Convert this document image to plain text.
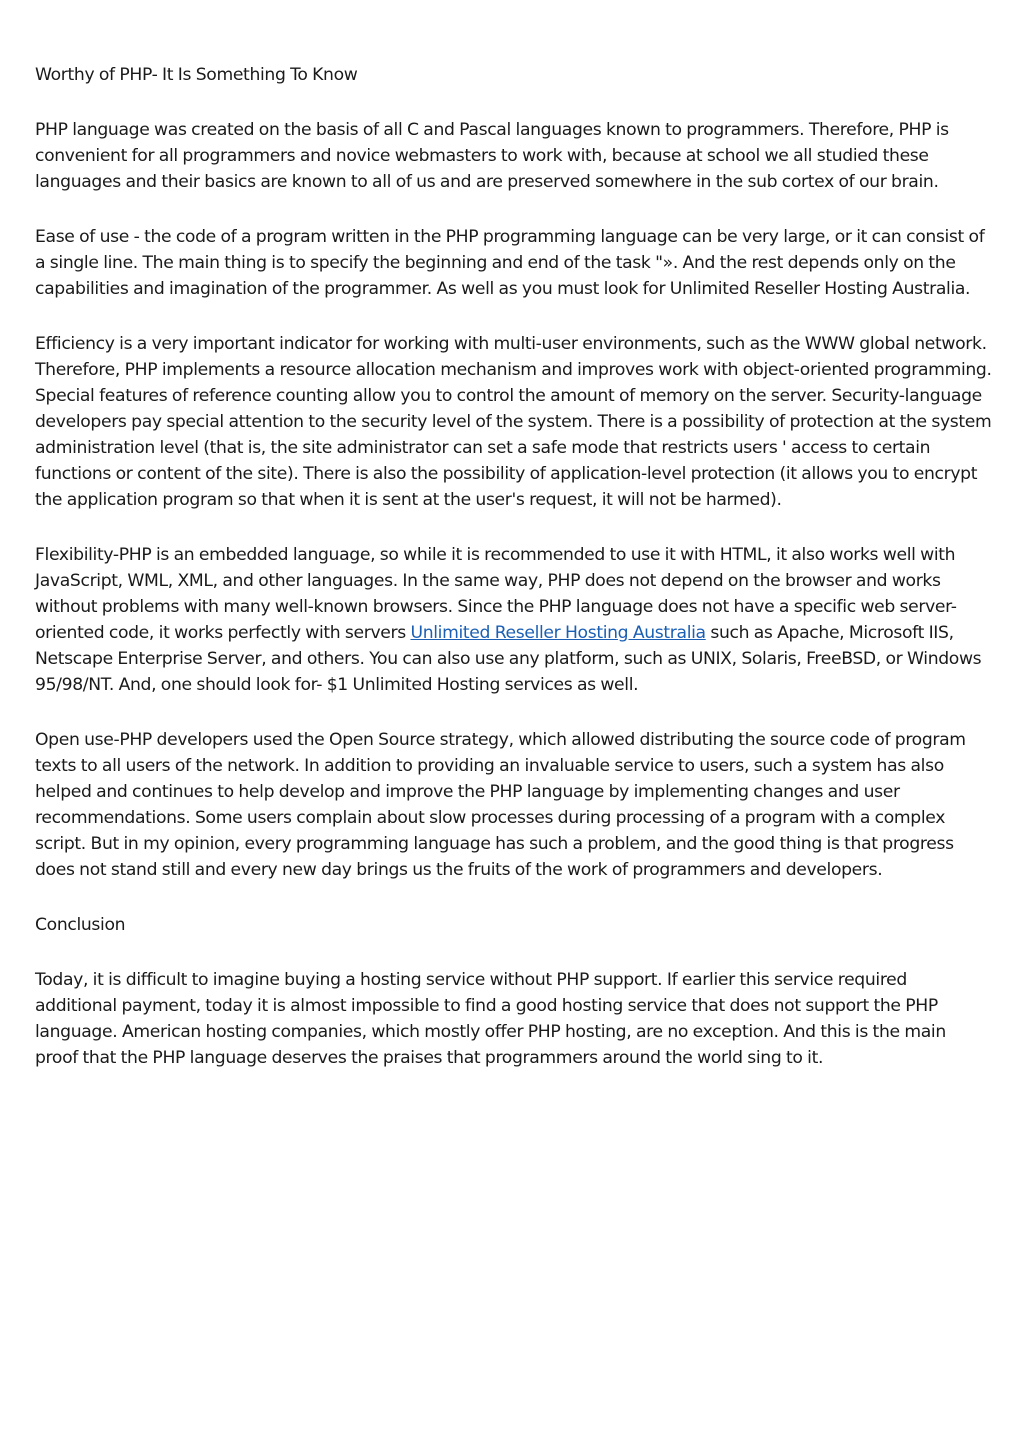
Worthy of PHP- It Is Something To Know

PHP language was created on the basis of all C and Pascal languages known to programmers. Therefore, PHP is convenient for all programmers and novice webmasters to work with, because at school we all studied these languages and their basics are known to all of us and are preserved somewhere in the sub cortex of our brain.

Ease of use - the code of a program written in the PHP programming language can be very large, or it can consist of a single line. The main thing is to specify the beginning and end of the task "». And the rest depends only on the capabilities and imagination of the programmer. As well as you must look for Unlimited Reseller Hosting Australia.

Efficiency is a very important indicator for working with multi-user environments, such as the WWW global network. Therefore, PHP implements a resource allocation mechanism and improves work with object-oriented programming. Special features of reference counting allow you to control the amount of memory on the server. Security-language developers pay special attention to the security level of the system. There is a possibility of protection at the system administration level (that is, the site administrator can set a safe mode that restricts users ' access to certain functions or content of the site). There is also the possibility of application-level protection (it allows you to encrypt the application program so that when it is sent at the user's request, it will not be harmed).

Flexibility-PHP is an embedded language, so while it is recommended to use it with HTML, it also works well with JavaScript, WML, XML, and other languages. In the same way, PHP does not depend on the browser and works without problems with many well-known browsers. Since the PHP language does not have a specific web server-oriented code, it works perfectly with servers Unlimited Reseller Hosting Australia such as Apache, Microsoft IIS, Netscape Enterprise Server, and others. You can also use any platform, such as UNIX, Solaris, FreeBSD, or Windows 95/98/NT. And, one should look for- $1 Unlimited Hosting services as well.

Open use-PHP developers used the Open Source strategy, which allowed distributing the source code of program texts to all users of the network. In addition to providing an invaluable service to users, such a system has also helped and continues to help develop and improve the PHP language by implementing changes and user recommendations. Some users complain about slow processes during processing of a program with a complex script. But in my opinion, every programming language has such a problem, and the good thing is that progress does not stand still and every new day brings us the fruits of the work of programmers and developers.

Conclusion

Today, it is difficult to imagine buying a hosting service without PHP support. If earlier this service required additional payment, today it is almost impossible to find a good hosting service that does not support the PHP language. American hosting companies, which mostly offer PHP hosting, are no exception. And this is the main proof that the PHP language deserves the praises that programmers around the world sing to it.
